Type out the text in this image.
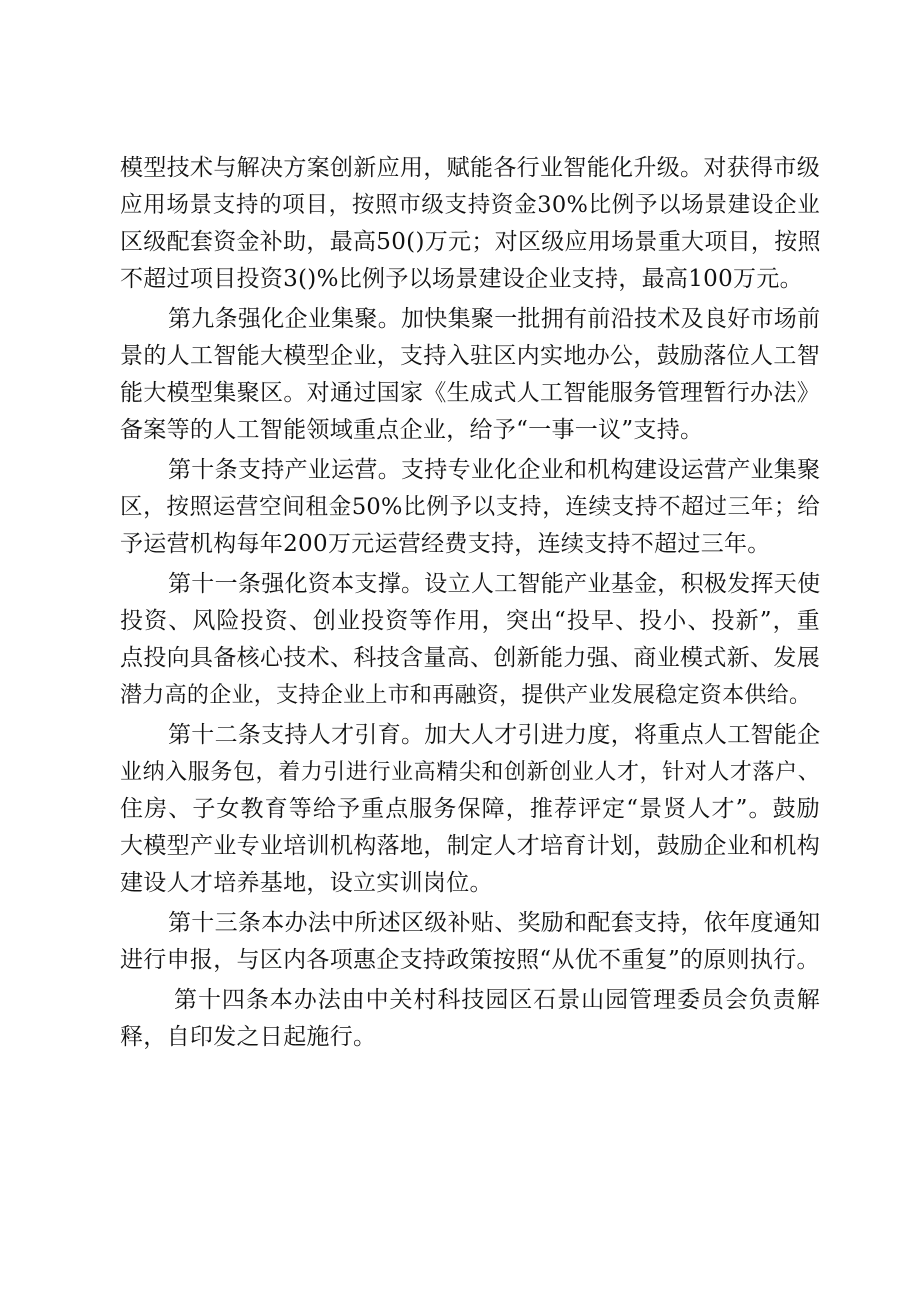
模型技术与解决方案创新应用，赋能各行业智能化升级。对获得市级
应用场景支持的项目，按照市级支持资金30%比例予以场景建设企业
区级配套资金补助，最高50()万元；对区级应用场景重大项目，按照
不超过项目投资3()%比例予以场景建设企业支持，最高100万元。

第九条强化企业集聚。加快集聚一批拥有前沿技术及良好市场前
景的人工智能大模型企业，支持入驻区内实地办公，鼓励落位人工智
能大模型集聚区。对通过国家《生成式人工智能服务管理暂行办法》
备案等的人工智能领域重点企业，给予“一事一议”支持。

第十条支持产业运营。支持专业化企业和机构建设运营产业集聚
区，按照运营空间租金50%比例予以支持，连续支持不超过三年；给
予运营机构每年200万元运营经费支持，连续支持不超过三年。

第十一条强化资本支撑。设立人工智能产业基金，积极发挥天使
投资、风险投资、创业投资等作用，突出“投早、投小、投新”，重
点投向具备核心技术、科技含量高、创新能力强、商业模式新、发展
潜力高的企业，支持企业上市和再融资，提供产业发展稳定资本供给。

第十二条支持人才引育。加大人才引进力度，将重点人工智能企
业纳入服务包，着力引进行业高精尖和创新创业人才，针对人才落户、
住房、子女教育等给予重点服务保障，推荐评定“景贤人才”。鼓励
大模型产业专业培训机构落地，制定人才培育计划，鼓励企业和机构
建设人才培养基地，设立实训岗位。

第十三条本办法中所述区级补贴、奖励和配套支持，依年度通知
进行申报，与区内各项惠企支持政策按照“从优不重复”的原则执行。

第十四条本办法由中关村科技园区石景山园管理委员会负责解
释，自印发之日起施行。
